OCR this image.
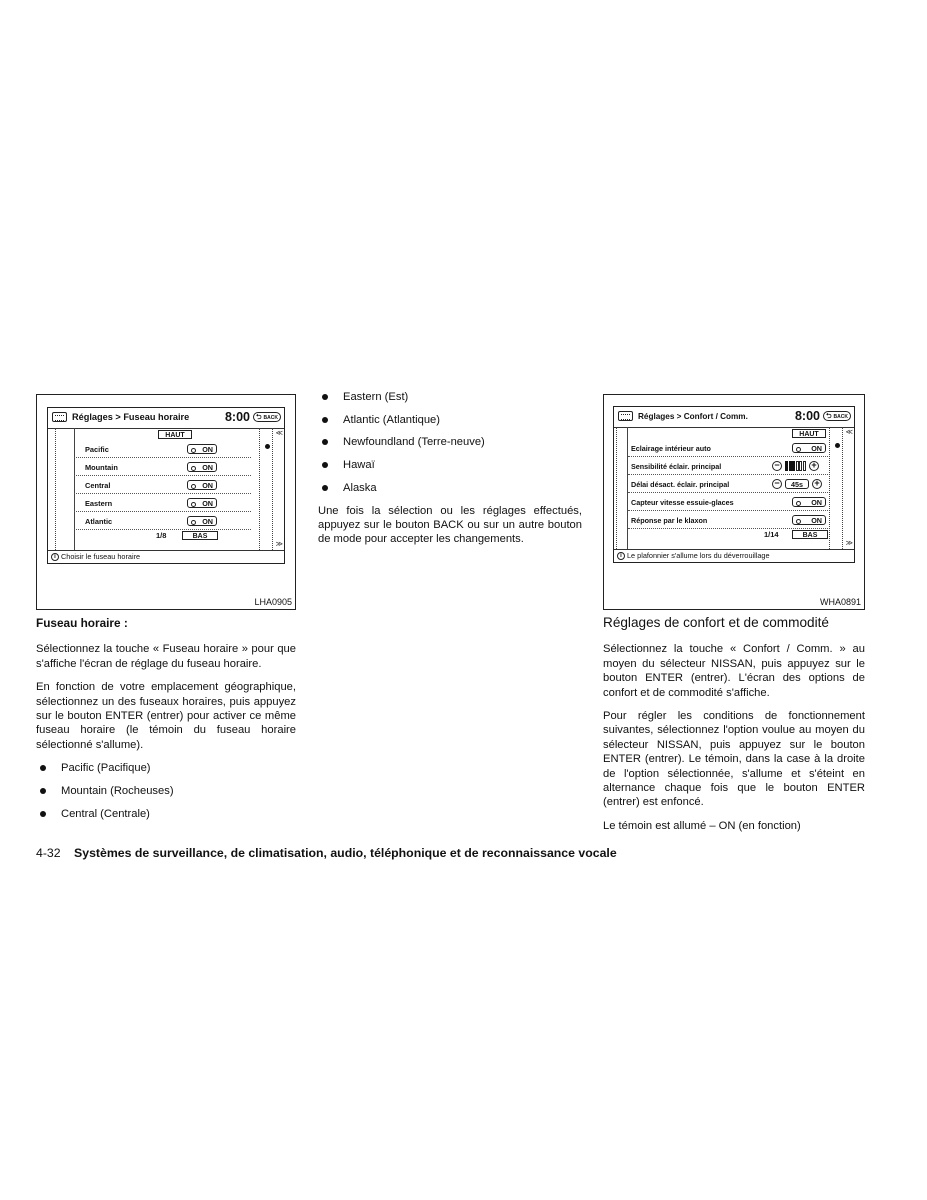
Réglages > Fuseau horaire	8:00	⮌ BACK
≪
≫
HAUT
Pacific	ON
Mountain	ON
Central	ON
Eastern	ON
Atlantic	ON
1/8	BAS
i Choisir le fuseau horaire
LHA0905
Réglages > Confort / Comm.	8:00	⮌ BACK
≪
≫
HAUT
Eclairage intérieur auto	ON
Sensibilité éclair. principal	−	+
Délai désact. éclair. principal	−	45s	+
Capteur vitesse essuie-glaces	ON
Réponse par le klaxon	ON
1/14	BAS
i Le plafonnier s'allume lors du déverrouillage
WHA0891
Fuseau horaire :

Sélectionnez la touche « Fuseau horaire » pour que s'affiche l'écran de réglage du fuseau horaire.

En fonction de votre emplacement géographique, sélectionnez un des fuseaux horaires, puis appuyez sur le bouton ENTER (entrer) pour activer ce même fuseau horaire (le témoin du fuseau horaire sélectionné s'allume).

Pacific (Pacifique)
Mountain (Rocheuses)
Central (Centrale)
Eastern (Est)
Atlantic (Atlantique)
Newfoundland (Terre-neuve)
Hawaï
Alaska

Une fois la sélection ou les réglages effectués, appuyez sur le bouton BACK ou sur un autre bouton de mode pour accepter les changements.

Réglages de confort et de commodité

Sélectionnez la touche « Confort / Comm. » au moyen du sélecteur NISSAN, puis appuyez sur le bouton ENTER (entrer). L'écran des options de confort et de commodité s'affiche.

Pour régler les conditions de fonctionnement suivantes, sélectionnez l'option voulue au moyen du sélecteur NISSAN, puis appuyez sur le bouton ENTER (entrer). Le témoin, dans la case à la droite de l'option sélectionnée, s'allume et s'éteint en alternance chaque fois que le bouton ENTER (entrer) est enfoncé.

Le témoin est allumé – ON (en fonction)

4-32 Systèmes de surveillance, de climatisation, audio, téléphonique et de reconnaissance vocale
